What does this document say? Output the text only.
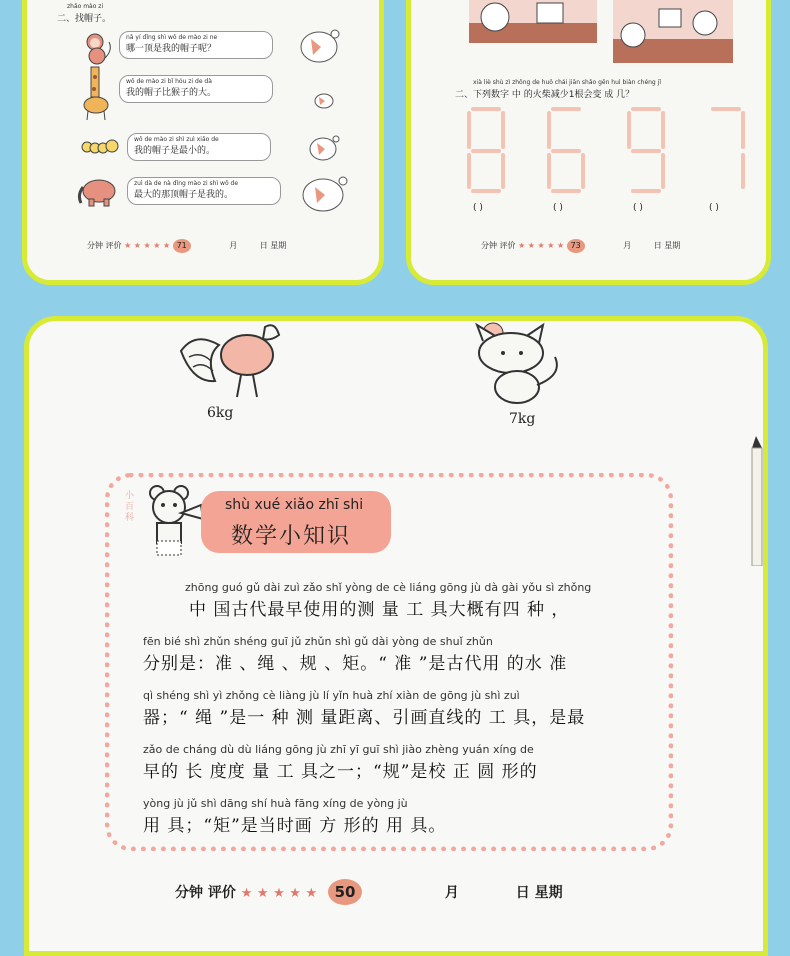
zhǎo mào zi
二、找帽子。
nǎ yí dǐng shì wǒ de mào zi ne
哪一顶是我的帽子呢？
wǒ de mào zi bǐ hóu zi de dà
我的帽子比猴子的大。
wǒ de mào zi shì zuì xiǎo de
我的帽子是最小的。
zuì dà de nà dǐng mào zi shì wǒ de
最大的那顶帽子是我的。
分钟 评价 ★ ★ ★ ★ ★ 71	月	日 星期
xià liè shù zì zhōng de huǒ chái jiān shǎo gēn huì biàn chéng jǐ
二、下列数字 中 的火柴减少1根会变 成 几？
( )	( )	( )	( )
分钟 评价 ★ ★ ★ ★ ★ 73	月	日 星期
6kg	7kg
小百科
shù xué xiǎo zhī shi
数学小知识
zhōng guó gǔ dài zuì zǎo shǐ yòng de cè liáng gōng jù dà gài yǒu sì zhǒng
中 国古代最早使用的测 量 工 具大概有四 种 ，
fēn bié shì zhǔn shéng guī jǔ zhǔn shì gǔ dài yòng de shuǐ zhǔn
分别是：准 、绳 、规 、矩。“ 准 ”是古代用 的水 准
qì shéng shì yì zhǒng cè liàng jù lí yǐn huà zhí xiàn de gōng jù shì zuì
器；“ 绳 ”是一 种 测 量距离、引画直线的 工 具，是最
zǎo de cháng dù dù liáng gōng jù zhī yī guī shì jiào zhèng yuán xíng de
早的 长 度度 量 工 具之一；“规”是校 正 圆 形的
yòng jù jǔ shì dāng shí huà fāng xíng de yòng jù
用 具；“矩”是当时画 方 形的 用 具。
分钟 评价 ★ ★ ★ ★ ★ 50	月	日 星期
